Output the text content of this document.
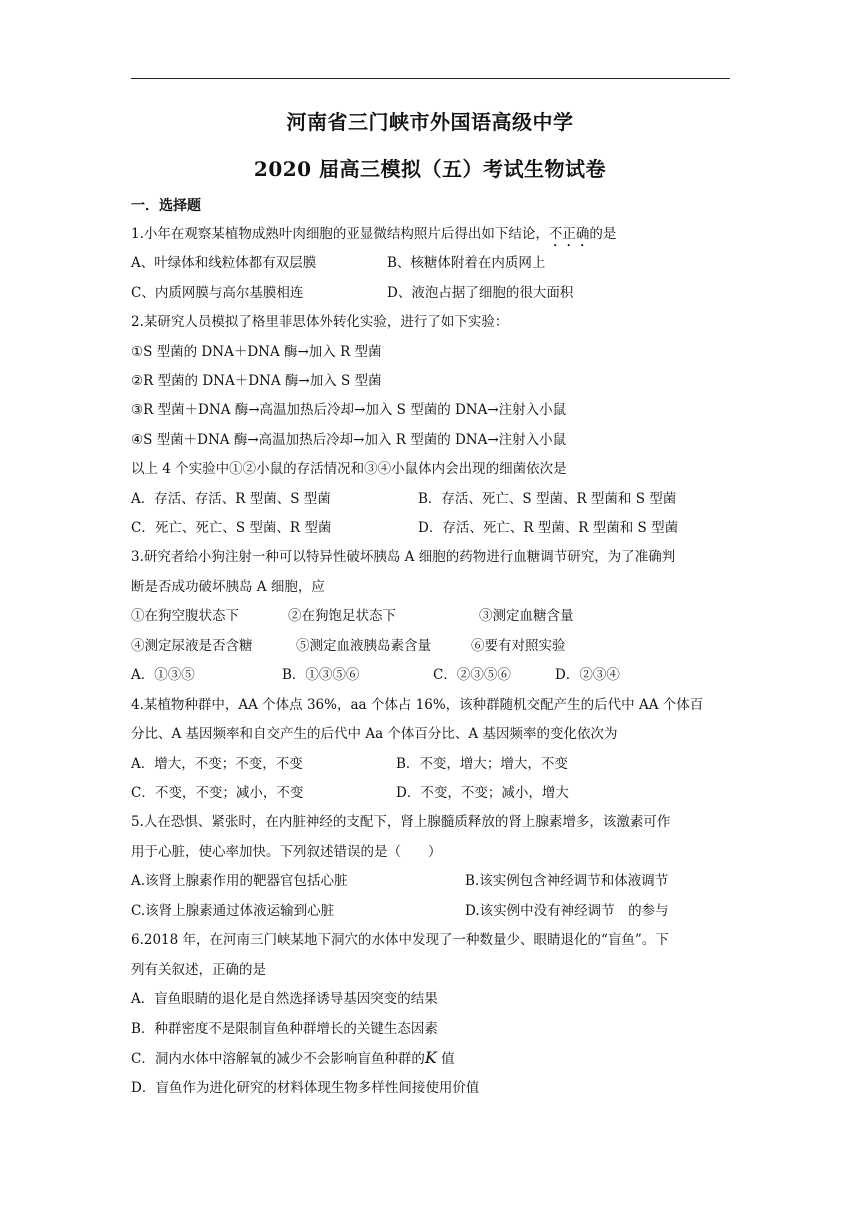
河南省三门峡市外国语高级中学
2020 届高三模拟（五）考试生物试卷
一．选择题
1.小年在观察某植物成熟叶肉细胞的亚显微结构照片后得出如下结论，不正确的是
A、叶绿体和线粒体都有双层膜	B、核糖体附着在内质网上
C、内质网膜与高尔基膜相连	D、液泡占据了细胞的很大面积
2.某研究人员模拟了格里菲思体外转化实验，进行了如下实验：
①S 型菌的 DNA＋DNA 酶→加入 R 型菌
②R 型菌的 DNA＋DNA 酶→加入 S 型菌
③R 型菌＋DNA 酶→高温加热后冷却→加入 S 型菌的 DNA→注射入小鼠
④S 型菌＋DNA 酶→高温加热后冷却→加入 R 型菌的 DNA→注射入小鼠
以上 4 个实验中①②小鼠的存活情况和③④小鼠体内会出现的细菌依次是
A．存活、存活、R 型菌、S 型菌	B．存活、死亡、S 型菌、R 型菌和 S 型菌
C．死亡、死亡、S 型菌、R 型菌	D．存活、死亡、R 型菌、R 型菌和 S 型菌
3.研究者给小狗注射一种可以特异性破坏胰岛 A 细胞的药物进行血糖调节研究，为了准确判
断是否成功破坏胰岛 A 细胞，应
①在狗空腹状态下	②在狗饱足状态下	③测定血糖含量
④测定尿液是否含糖	⑤测定血液胰岛素含量	⑥要有对照实验
A．①③⑤	B．①③⑤⑥	C．②③⑤⑥	D．②③④
4.某植物种群中，AA 个体点 36%，aa 个体占 16%，该种群随机交配产生的后代中 AA 个体百
分比、A 基因频率和自交产生的后代中 Aa 个体百分比、A 基因频率的变化依次为
A．增大，不变；不变，不变	B．不变，增大；增大，不变
C．不变，不变；减小，不变	D．不变，不变；减小，增大
5.人在恐惧、紧张时，在内脏神经的支配下，肾上腺髓质释放的肾上腺素增多，该激素可作
用于心脏，使心率加快。下列叙述错误的是（　　）
A.该肾上腺素作用的靶器官包括心脏	B.该实例包含神经调节和体液调节
C.该肾上腺素通过体液运输到心脏	D.该实例中没有神经调节　的参与
6.2018 年，在河南三门峡某地下洞穴的水体中发现了一种数量少、眼睛退化的“盲鱼”。下
列有关叙述，正确的是
A．盲鱼眼睛的退化是自然选择诱导基因突变的结果
B．种群密度不是限制盲鱼种群增长的关键生态因素
C．洞内水体中溶解氧的减少不会影响盲鱼种群的K 值
D．盲鱼作为进化研究的材料体现生物多样性间接使用价值
